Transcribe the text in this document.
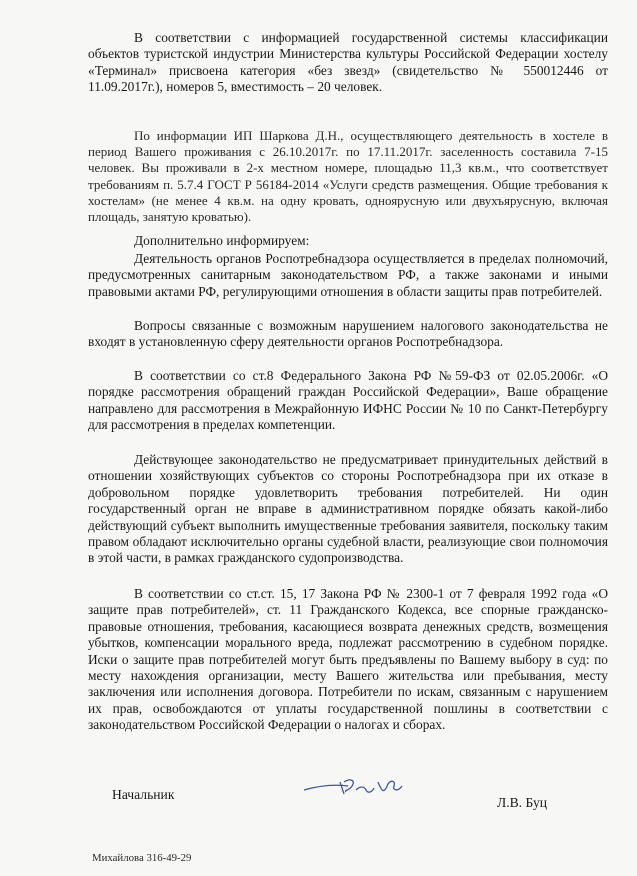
В соответствии с информацией государственной системы классификации объектов туристской индустрии Министерства культуры Российской Федерации хостелу «Терминал» присвоена категория «без звезд» (свидетельство № 550012446 от 11.09.2017г.), номеров 5, вместимость – 20 человек.

По информации ИП Шаркова Д.Н., осуществляющего деятельность в хостеле в период Вашего проживания с 26.10.2017г. по 17.11.2017г. заселенность составила 7-15 человек. Вы проживали в 2-х местном номере, площадью 11,3 кв.м., что соответствует требованиям п. 5.7.4 ГОСТ Р 56184-2014 «Услуги средств размещения. Общие требования к хостелам» (не менее 4 кв.м. на одну кровать, одноярусную или двухъярусную, включая площадь, занятую кроватью).

Дополнительно информируем:

Деятельность органов Роспотребнадзора осуществляется в пределах полномочий, предусмотренных санитарным законодательством РФ, а также законами и иными правовыми актами РФ, регулирующими отношения в области защиты прав потребителей.

Вопросы связанные с возможным нарушением налогового законодательства не входят в установленную сферу деятельности органов Роспотребнадзора.

В соответствии со ст.8 Федерального Закона РФ №59-ФЗ от 02.05.2006г. «О порядке рассмотрения обращений граждан Российской Федерации», Ваше обращение направлено для рассмотрения в Межрайонную ИФНС России № 10 по Санкт-Петербургу для рассмотрения в пределах компетенции.

Действующее законодательство не предусматривает принудительных действий в отношении хозяйствующих субъектов со стороны Роспотребнадзора при их отказе в добровольном порядке удовлетворить требования потребителей. Ни один государственный орган не вправе в административном порядке обязать какой-либо действующий субъект выполнить имущественные требования заявителя, поскольку таким правом обладают исключительно органы судебной власти, реализующие свои полномочия в этой части, в рамках гражданского судопроизводства.

В соответствии со ст.ст. 15, 17 Закона РФ № 2300-1 от 7 февраля 1992 года «О защите прав потребителей», ст. 11 Гражданского Кодекса, все спорные гражданско-правовые отношения, требования, касающиеся возврата денежных средств, возмещения убытков, компенсации морального вреда, подлежат рассмотрению в судебном порядке. Иски о защите прав потребителей могут быть предъявлены по Вашему выбору в суд: по месту нахождения организации, месту Вашего жительства или пребывания, месту заключения или исполнения договора. Потребители по искам, связанным с нарушением их прав, освобождаются от уплаты государственной пошлины в соответствии с законодательством Российской Федерации о налогах и сборах.

Начальник
Л.В. Буц
Михайлова 316-49-29
